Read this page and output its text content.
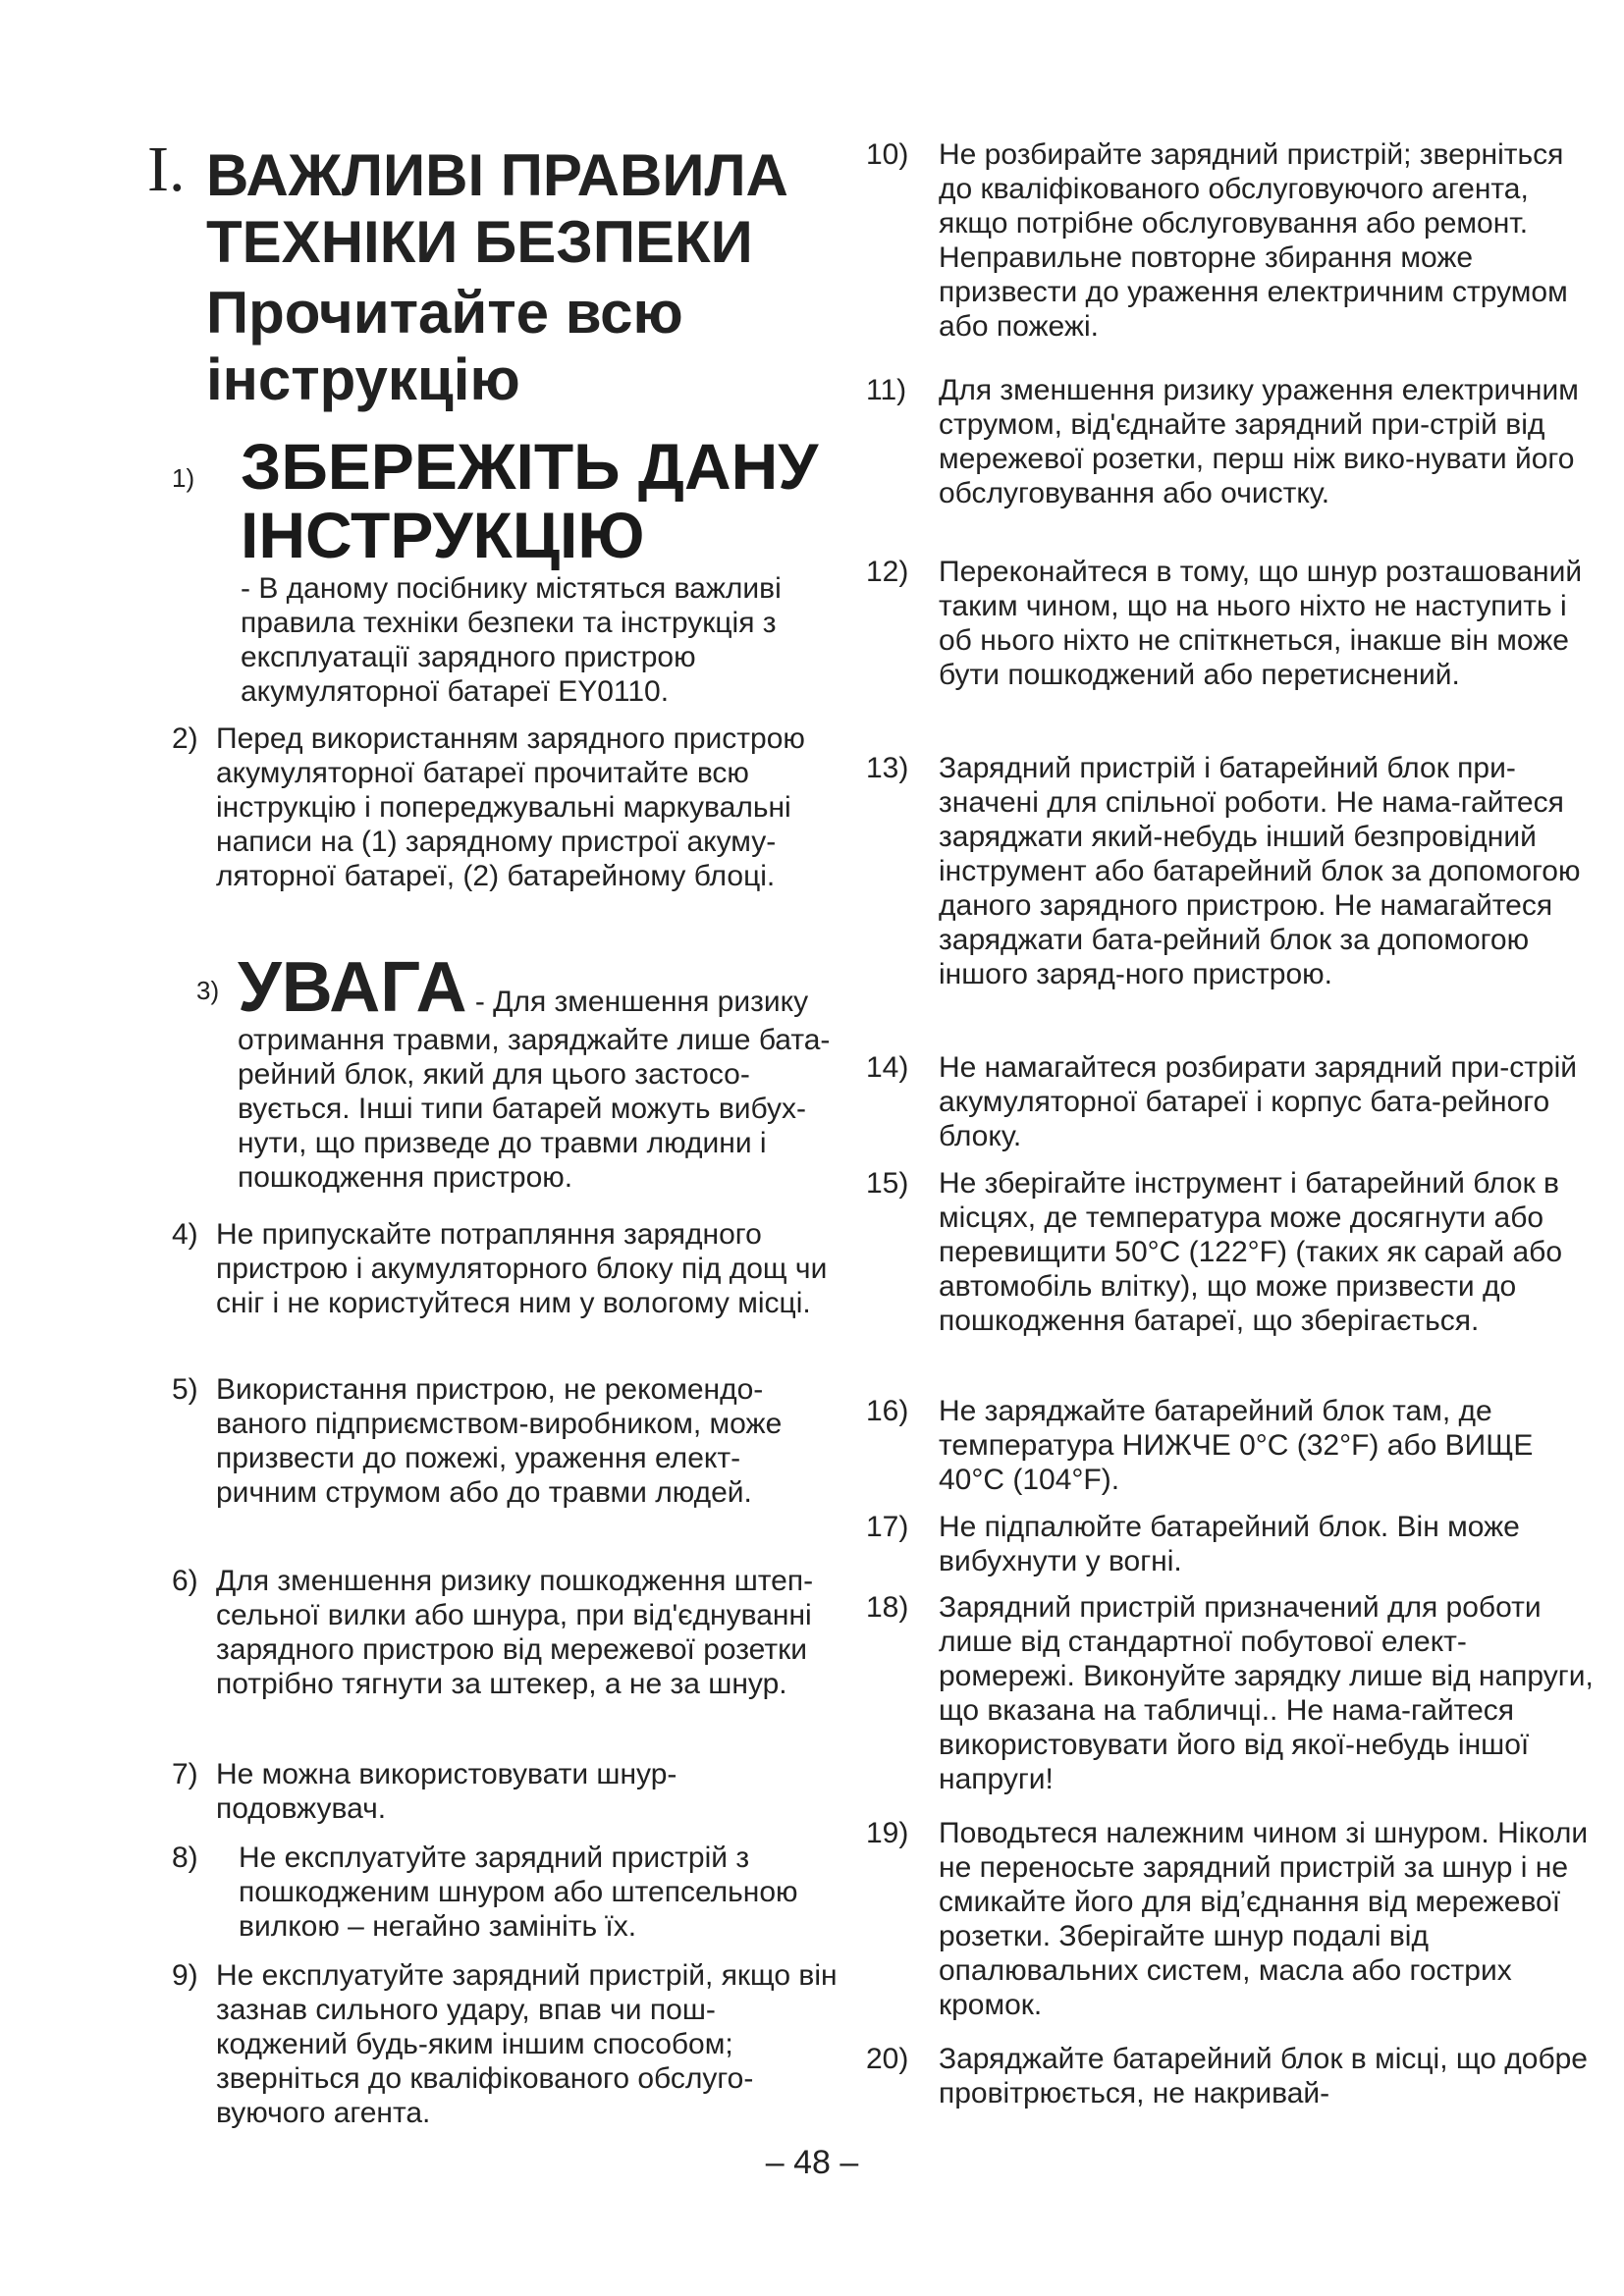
I. ВАЖЛИВІ ПРАВИЛА ТЕХНІКИ БЕЗПЕКИ
Прочитайте всю інструкцію
1) ЗБЕРЕЖІТЬ ДАНУ ІНСТРУКЦІЮ
- В даному посібнику містяться важливі правила техніки безпеки та інструкція з експлуатації зарядного пристрою акумуляторної батареї EY0110.
2) Перед використанням зарядного пристрою акумуляторної батареї прочитайте всю інструкцію і попереджувальні маркувальні написи на (1) зарядному пристрої акуму-ляторної батареї, (2) батарейному блоці.
3) УВАГА - Для зменшення ризику отримання травми, заряджайте лише бата-рейний блок, який для цього застосо-вується. Інші типи батарей можуть вибух-нути, що призведе до травми людини і пошкодження пристрою.
4) Не припускайте потрапляння зарядного пристрою і акумуляторного блоку під дощ чи сніг і не користуйтеся ним у вологому місці.
5) Використання пристрою, не рекомендо-ваного підприємством-виробником, може призвести до пожежі, ураження елект-ричним струмом або до травми людей.
6) Для зменшення ризику пошкодження штеп-сельної вилки або шнура, при від'єднуванні зарядного пристрою від мережевої розетки потрібно тягнути за штекер, а не за шнур.
7) Не можна використовувати шнур-подовжувач.
8) Не експлуатуйте зарядний пристрій з пошкодженим шнуром або штепсельною вилкою – негайно замініть їх.
9) Не експлуатуйте зарядний пристрій, якщо він зазнав сильного удару, впав чи пош-коджений будь-яким іншим способом; зверніться до кваліфікованого обслуго-вуючого агента.
10) Не розбирайте зарядний пристрій; зверніться до кваліфікованого обслуговуючого агента, якщо потрібне обслуговування або ремонт. Неправильне повторне збирання може призвести до ураження електричним струмом або пожежі.
11) Для зменшення ризику ураження електричним струмом, від'єднайте зарядний при-стрій від мережевої розетки, перш ніж вико-нувати його обслуговування або очистку.
12) Переконайтеся в тому, що шнур розташований таким чином, що на нього ніхто не наступить і об нього ніхто не спіткнеться, інакше він може бути пошкоджений або перетиснений.
13) Зарядний пристрій і батарейний блок при-значені для спільної роботи. Не нама-гайтеся заряджати який-небудь інший безпровідний інструмент або батарейний блок за допомогою даного зарядного пристрою. Не намагайтеся заряджати бата-рейний блок за допомогою іншого заряд-ного пристрою.
14) Не намагайтеся розбирати зарядний при-стрій акумуляторної батареї і корпус бата-рейного блоку.
15) Не зберігайте інструмент і батарейний блок в місцях, де температура може досягнути або перевищити 50°C (122°F) (таких як сарай або автомобіль влітку), що може призвести до пошкодження батареї, що зберігається.
16) Не заряджайте батарейний блок там, де температура НИЖЧЕ 0°C (32°F) або ВИЩЕ 40°C (104°F).
17) Не підпалюйте батарейний блок. Він може вибухнути у вогні.
18) Зарядний пристрій призначений для роботи лише від стандартної побутової елект-ромережі. Виконуйте зарядку лише від напруги, що вказана на табличці.. Не нама-гайтеся використовувати його від якої-небудь іншої напруги!
19) Поводьтеся належним чином зі шнуром. Ніколи не переносьте зарядний пристрій за шнур і не смикайте його для від’єднання від мережевої розетки. Зберігайте шнур подалі від опалювальних систем, масла або гострих кромок.
20) Заряджайте батарейний блок в місці, що добре провітрюється, не накривай-
– 48 –
